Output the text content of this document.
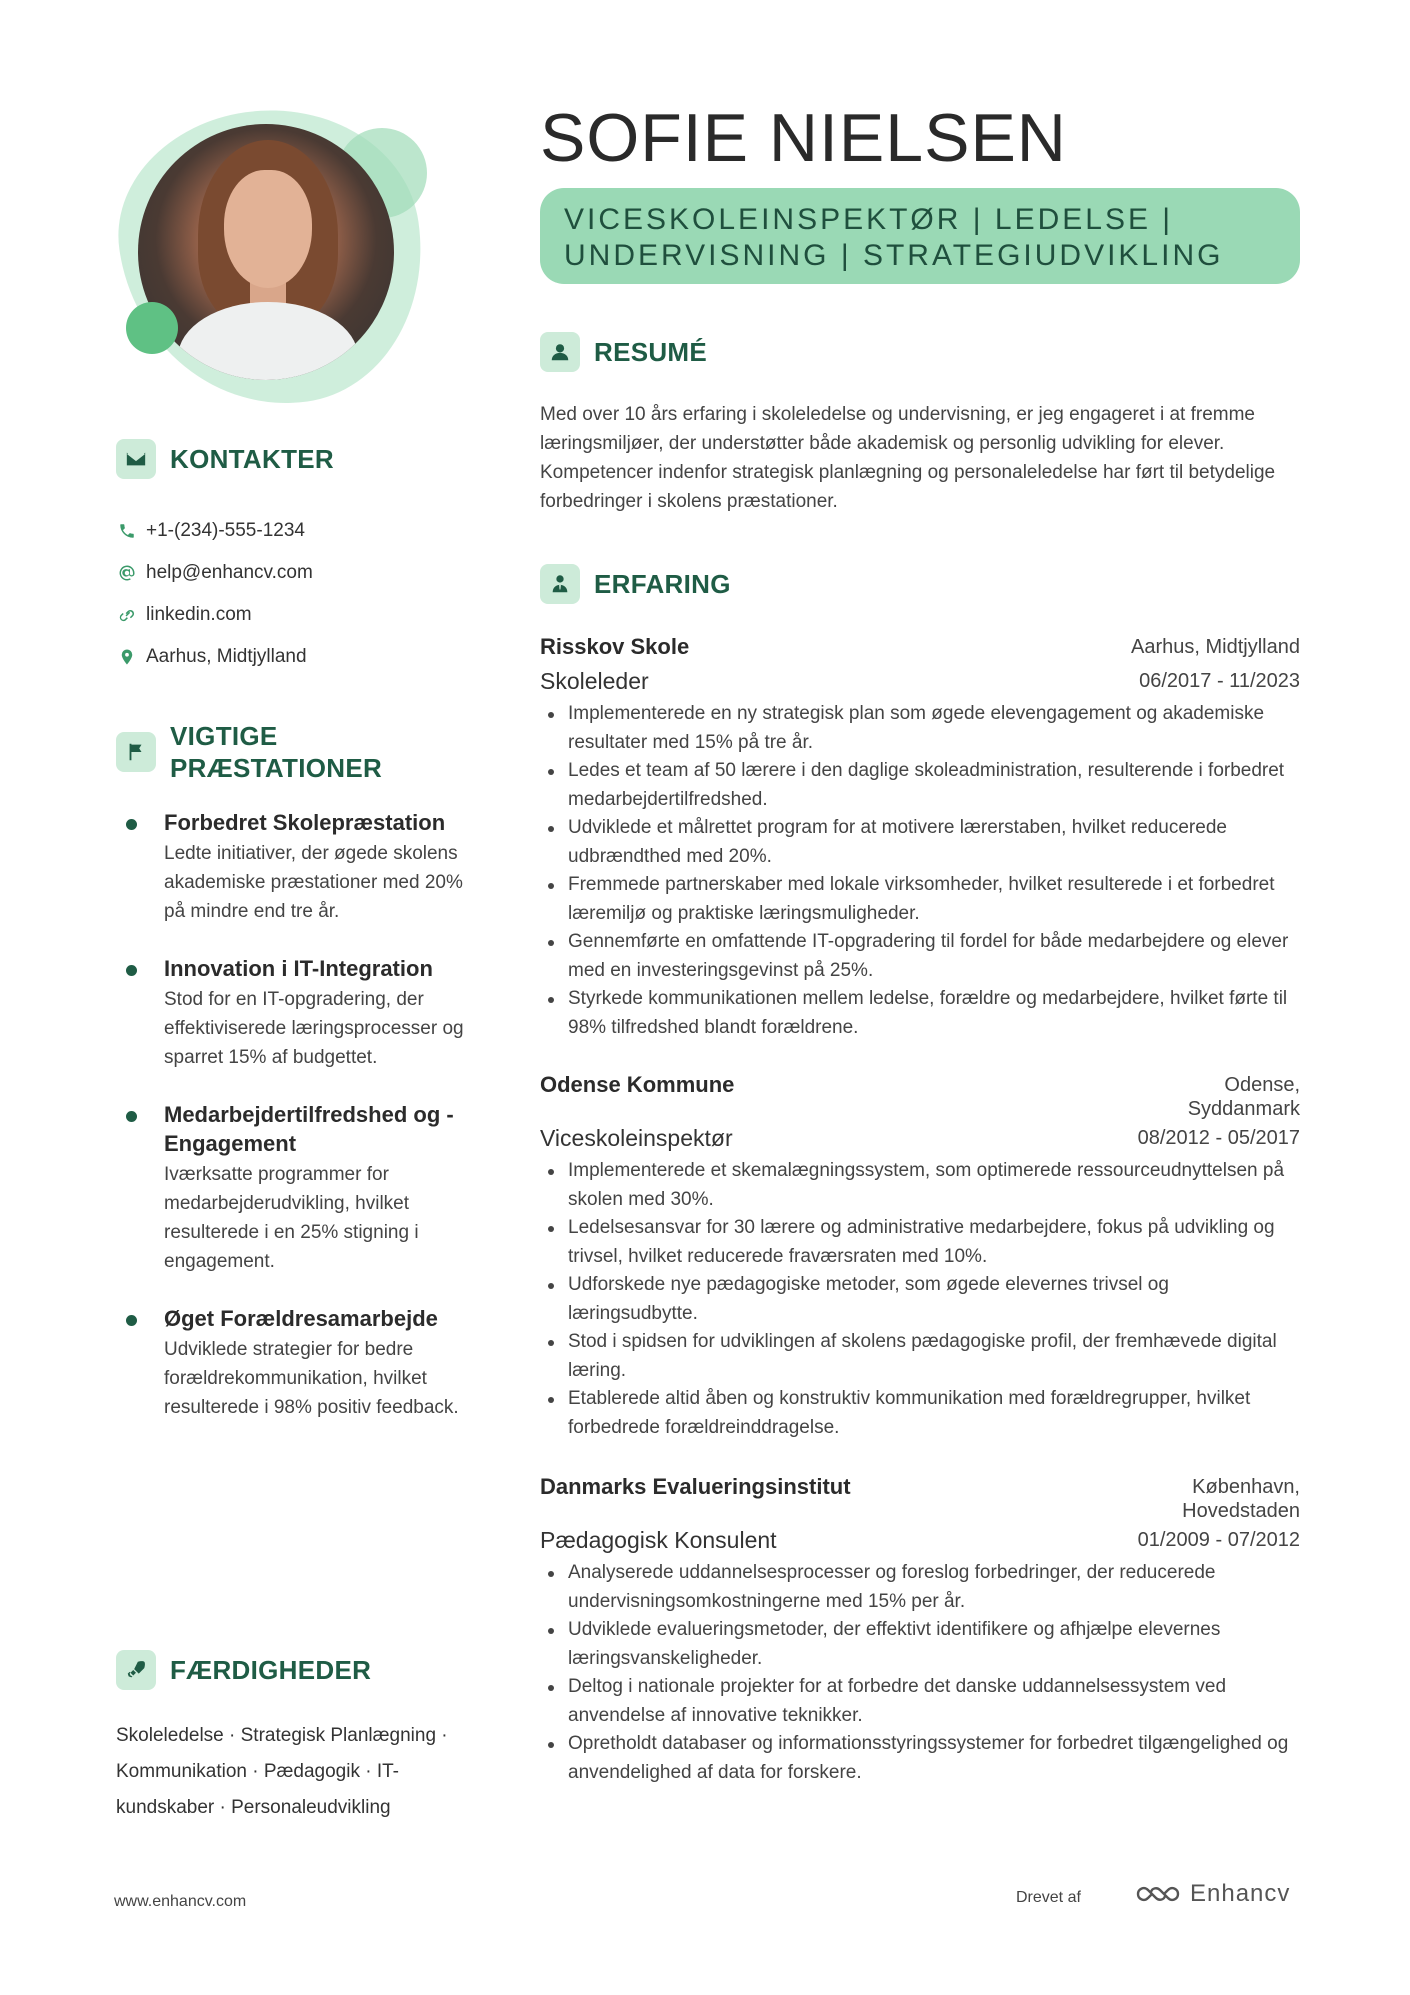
KONTAKTER
+1-(234)-555-1234
help@enhancv.com
linkedin.com
Aarhus, Midtjylland
VIGTIGE PRÆSTATIONER
Forbedret Skolepræstation
Ledte initiativer, der øgede skolens akademiske præstationer med 20% på mindre end tre år.
Innovation i IT-Integration
Stod for en IT-opgradering, der effektiviserede læringsprocesser og sparret 15% af budgettet.
Medarbejdertilfredshed og -Engagement
Iværksatte programmer for medarbejderudvikling, hvilket resulterede i en 25% stigning i engagement.
Øget Forældresamarbejde
Udviklede strategier for bedre forældrekommunikation, hvilket resulterede i 98% positiv feedback.
FÆRDIGHEDER
Skoleledelse · Strategisk Planlægning · Kommunikation · Pædagogik · IT-kundskaber · Personaleudvikling
SOFIE NIELSEN
VICESKOLEINSPEKTØR | LEDELSE | UNDERVISNING | STRATEGIUDVIKLING
RESUMÉ

Med over 10 års erfaring i skoleledelse og undervisning, er jeg engageret i at fremme læringsmiljøer, der understøtter både akademisk og personlig udvikling for elever. Kompetencer indenfor strategisk planlægning og personaleledelse har ført til betydelige forbedringer i skolens præstationer.

ERFARING
Risskov Skole	Aarhus, Midtjylland
Skoleleder	06/2017 - 11/2023
Implementerede en ny strategisk plan som øgede elevengagement og akademiske resultater med 15% på tre år.
Ledes et team af 50 lærere i den daglige skoleadministration, resulterende i forbedret medarbejdertilfredshed.
Udviklede et målrettet program for at motivere lærerstaben, hvilket reducerede udbrændthed med 20%.
Fremmede partnerskaber med lokale virksomheder, hvilket resulterede i et forbedret læremiljø og praktiske læringsmuligheder.
Gennemførte en omfattende IT-opgradering til fordel for både medarbejdere og elever med en investeringsgevinst på 25%.
Styrkede kommunikationen mellem ledelse, forældre og medarbejdere, hvilket førte til 98% tilfredshed blandt forældrene.
Odense Kommune	Odense, Syddanmark
Viceskoleinspektør	08/2012 - 05/2017
Implementerede et skemalægningssystem, som optimerede ressourceudnyttelsen på skolen med 30%.
Ledelsesansvar for 30 lærere og administrative medarbejdere, fokus på udvikling og trivsel, hvilket reducerede fraværsraten med 10%.
Udforskede nye pædagogiske metoder, som øgede elevernes trivsel og læringsudbytte.
Stod i spidsen for udviklingen af skolens pædagogiske profil, der fremhævede digital læring.
Etablerede altid åben og konstruktiv kommunikation med forældregrupper, hvilket forbedrede forældreinddragelse.
Danmarks Evalueringsinstitut	København, Hovedstaden
Pædagogisk Konsulent	01/2009 - 07/2012
Analyserede uddannelsesprocesser og foreslog forbedringer, der reducerede undervisningsomkostningerne med 15% per år.
Udviklede evalueringsmetoder, der effektivt identifikere og afhjælpe elevernes læringsvanskeligheder.
Deltog i nationale projekter for at forbedre det danske uddannelsessystem ved anvendelse af innovative teknikker.
Opretholdt databaser og informationsstyringssystemer for forbedret tilgængelighed og anvendelighed af data for forskere.
www.enhancv.com	Drevet af	Enhancv
